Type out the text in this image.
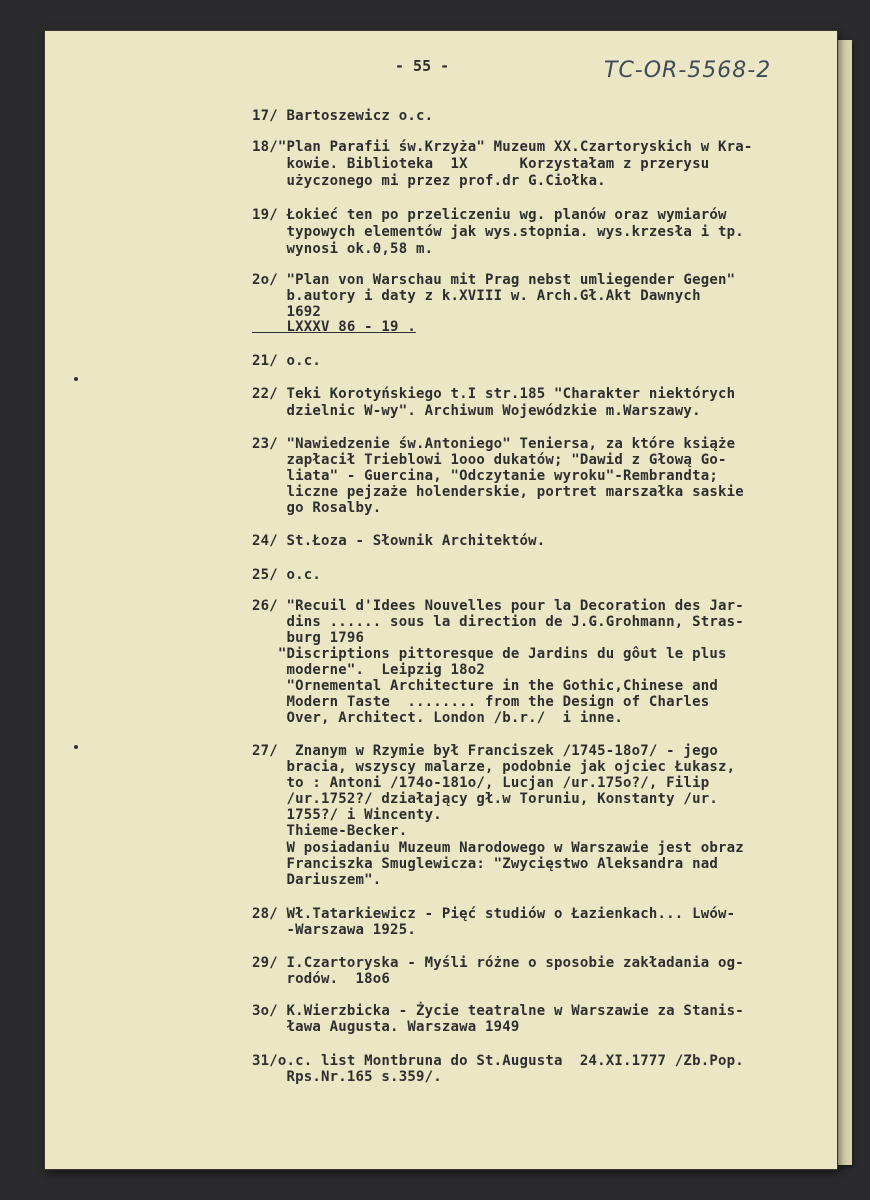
- 55 -	TC-OR-5568-2
17/ Bartoszewicz o.c.
18/"Plan Parafii św.Krzyża" Muzeum XX.Czartoryskich w Kra-
kowie. Biblioteka  1X      Korzystałam z przerysu
użyczonego mi przez prof.dr G.Ciołka.
19/ Łokieć ten po przeliczeniu wg. planów oraz wymiarów
typowych elementów jak wys.stopnia. wys.krzesła i tp.
wynosi ok.0,58 m.
2o/ "Plan von Warschau mit Prag nebst umliegender Gegen"
b.autory i daty z k.XVIII w. Arch.Gł.Akt Dawnych
1692
LXXXV 86 - 19 .
21/ o.c.
22/ Teki Korotyńskiego t.I str.185 "Charakter niektórych
dzielnic W-wy". Archiwum Wojewódzkie m.Warszawy.
23/ "Nawiedzenie św.Antoniego" Teniersa, za które książe
zapłacił Trieblowi 1ooo dukatów; "Dawid z Głową Go-
liata" - Guercina, "Odczytanie wyroku"-Rembrandta;
liczne pejzaże holenderskie, portret marszałka saskie
go Rosalby.
24/ St.Łoza - Słownik Architektów.
25/ o.c.
26/ "Recuil d'Idees Nouvelles pour la Decoration des Jar-
dins ...... sous la direction de J.G.Grohmann, Stras-
burg 1796
"Discriptions pittoresque de Jardins du gôut le plus
moderne".  Leipzig 18o2
"Ornemental Architecture in the Gothic,Chinese and
Modern Taste  ........ from the Design of Charles
Over, Architect. London /b.r./  i inne.
27/  Znanym w Rzymie był Franciszek /1745-18o7/ - jego
bracia, wszyscy malarze, podobnie jak ojciec Łukasz,
to : Antoni /174o-181o/, Lucjan /ur.175o?/, Filip
/ur.1752?/ działający gł.w Toruniu, Konstanty /ur.
1755?/ i Wincenty.
Thieme-Becker.
W posiadaniu Muzeum Narodowego w Warszawie jest obraz
Franciszka Smuglewicza: "Zwycięstwo Aleksandra nad
Dariuszem".
28/ Wł.Tatarkiewicz - Pięć studiów o Łazienkach... Lwów-
-Warszawa 1925.
29/ I.Czartoryska - Myśli różne o sposobie zakładania og-
rodów.  18o6
3o/ K.Wierzbicka - Życie teatralne w Warszawie za Stanis-
ława Augusta. Warszawa 1949
31/o.c. list Montbruna do St.Augusta  24.XI.1777 /Zb.Pop.
Rps.Nr.165 s.359/.
